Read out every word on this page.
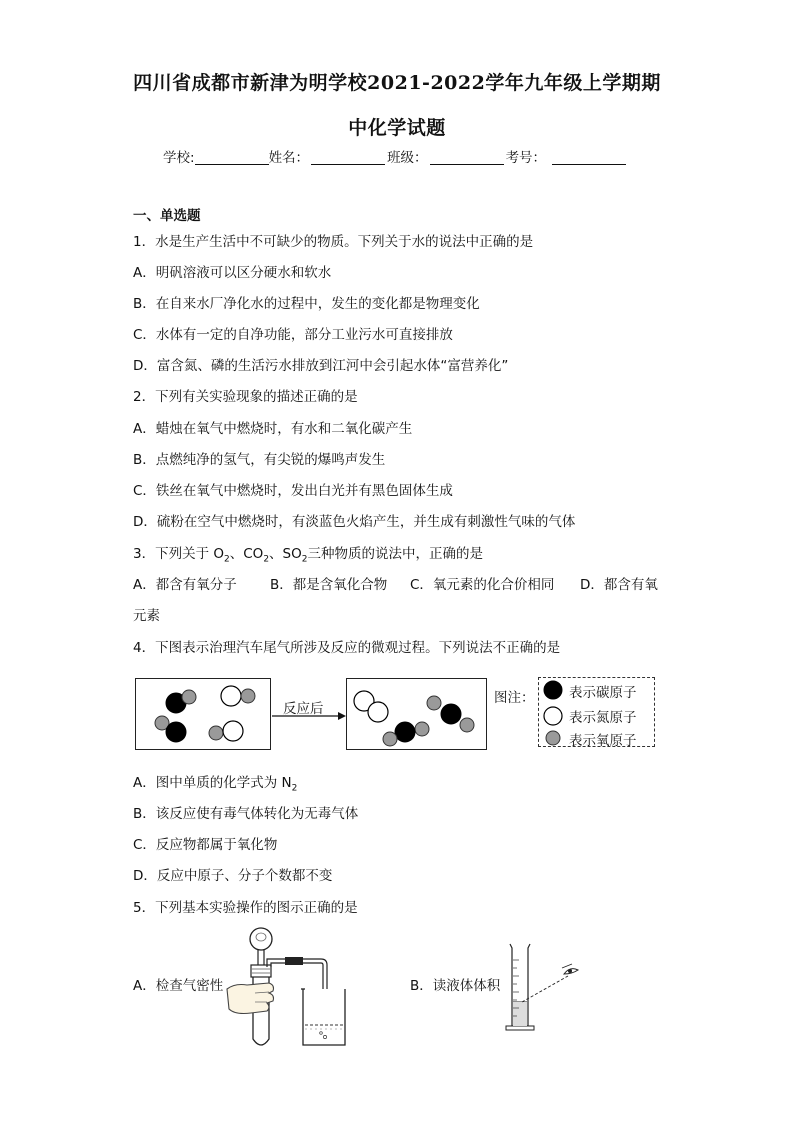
四川省成都市新津为明学校2021-2022学年九年级上学期期
中化学试题
学校:	姓名：	班级：	考号：
一、单选题
1．水是生产生活中不可缺少的物质。下列关于水的说法中正确的是
A．明矾溶液可以区分硬水和软水
B．在自来水厂净化水的过程中，发生的变化都是物理变化
C．水体有一定的自净功能，部分工业污水可直接排放
D．富含氮、磷的生活污水排放到江河中会引起水体“富营养化”
2．下列有关实验现象的描述正确的是
A．蜡烛在氧气中燃烧时，有水和二氧化碳产生
B．点燃纯净的氢气，有尖锐的爆鸣声发生
C．铁丝在氧气中燃烧时，发出白光并有黑色固体生成
D．硫粉在空气中燃烧时，有淡蓝色火焰产生，并生成有刺激性气味的气体
3．下列关于 $O_2$、$CO_2$、$SO_2$三种物质的说法中，正确的是
A．都含有氧分子 B．都是含氧化合物 C．氧元素的化合价相同 D．都含有氧
元素
4．下图表示治理汽车尾气所涉及反应的微观过程。下列说法不正确的是
反应后
图注：	表示碳原子
表示氮原子
表示氧原子
A．图中单质的化学式为 $N_2$
B．该反应使有毒气体转化为无毒气体
C．反应物都属于氧化物
D．反应中原子、分子个数都不变
5．下列基本实验操作的图示正确的是
A．检查气密性	B．读液体体积
